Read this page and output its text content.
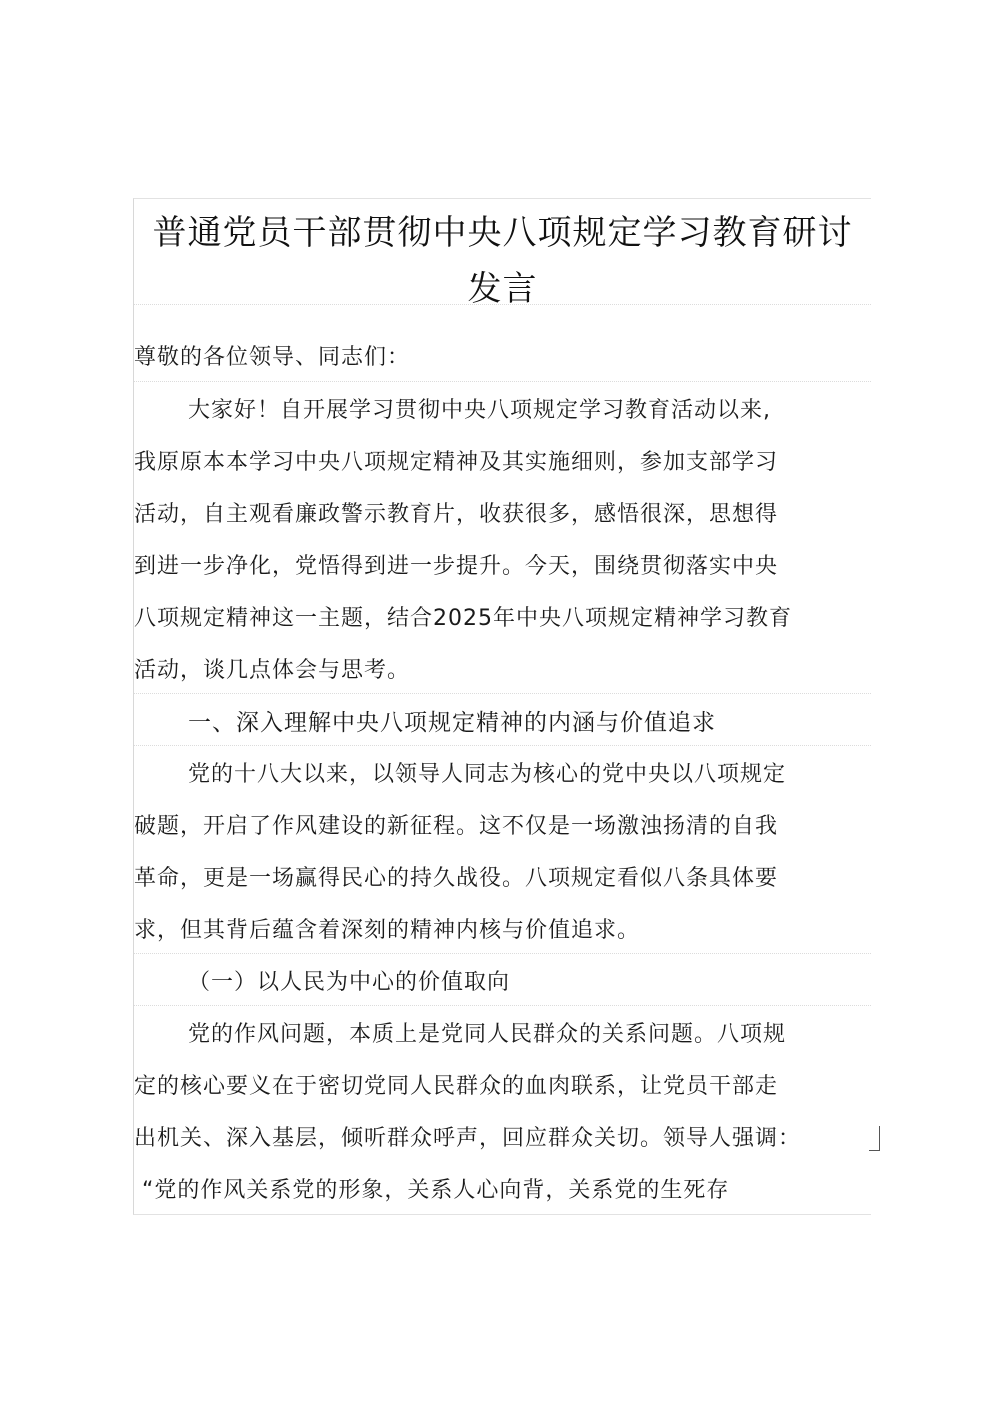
普通党员干部贯彻中央八项规定学习教育研讨
发言
尊敬的各位领导、同志们：
大家好！自开展学习贯彻中央八项规定学习教育活动以来,
我原原本本学习中央八项规定精神及其实施细则，参加支部学习
活动，自主观看廉政警示教育片，收获很多，感悟很深，思想得
到进一步净化，党悟得到进一步提升。今天，围绕贯彻落实中央
八项规定精神这一主题，结合2025年中央八项规定精神学习教育
活动，谈几点体会与思考。
一、深入理解中央八项规定精神的内涵与价值追求
党的十八大以来，以领导人同志为核心的党中央以八项规定
破题，开启了作风建设的新征程。这不仅是一场激浊扬清的自我
革命，更是一场赢得民心的持久战役。八项规定看似八条具体要
求，但其背后蕴含着深刻的精神内核与价值追求。
（一）以人民为中心的价值取向
党的作风问题，本质上是党同人民群众的关系问题。八项规
定的核心要义在于密切党同人民群众的血肉联系，让党员干部走
出机关、深入基层，倾听群众呼声，回应群众关切。领导人强调：
“党的作风关系党的形象，关系人心向背，关系党的生死存
